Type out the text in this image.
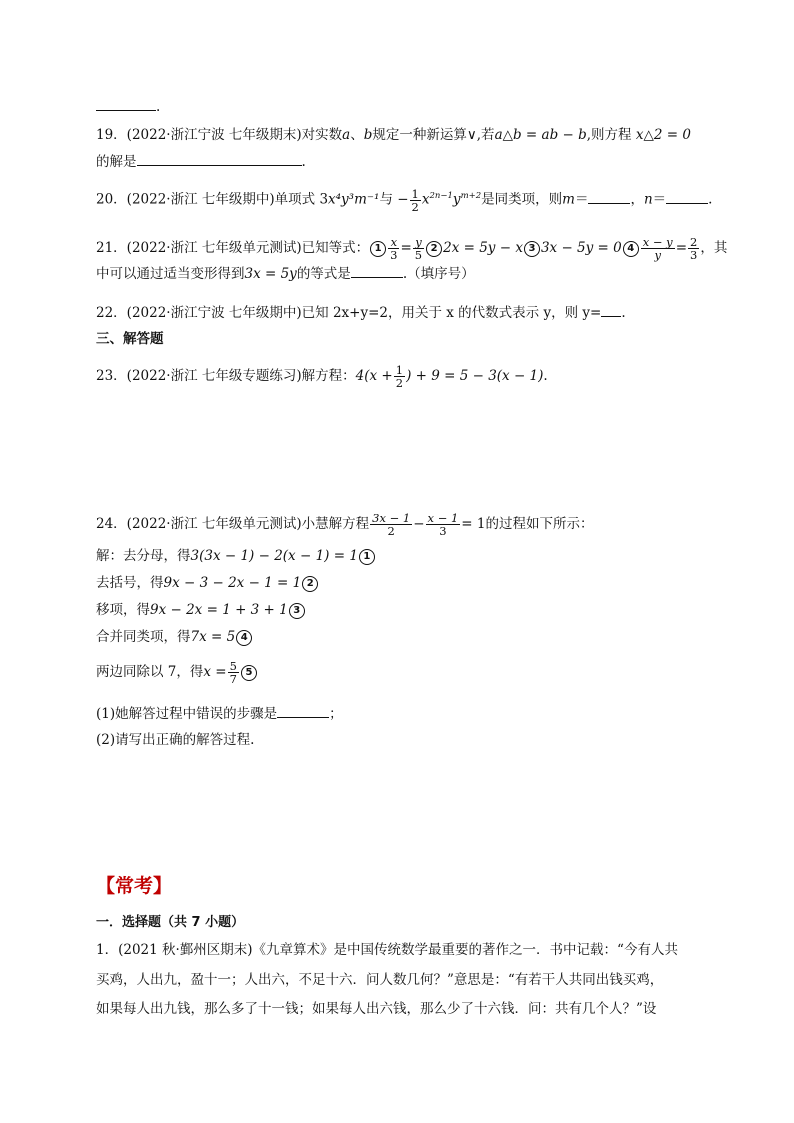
.
19．(2022·浙江宁波 七年级期末)对实数a、b规定一种新运算∨,若a△b = ab − b,则方程 x△2 = 0
的解是	.
20．(2022·浙江 七年级期中)单项式 3x⁴y³m⁻¹与 − $\frac{1}{2} x^{2n-1}y^{m+2}$是同类项，则m＝	，n＝	.
21．(2022·浙江 七年级单元测试)已知等式： $1 \frac{x}{3} = \frac{y}{5} 2$ 2x = 5y − x 3 3x − 5y = 0 $4 \frac{x - y}{y} = \frac{2}{3}$ ，其
中可以通过适当变形得到3x = 5y的等式是	.（填序号）
22．(2022·浙江宁波 七年级期中)已知 2x+y=2，用关于 x 的代数式表示 y，则 y= .
三、解答题
23．(2022·浙江 七年级专题练习)解方程：$4(x + \frac{1}{2}$ ) + 9 = 5 − 3(x − 1).
24．(2022·浙江 七年级单元测试)小慧解方程 $\frac{3x - 1}{2} - \frac{x - 1}{3} = 1$的过程如下所示：
解：去分母，得3(3x − 1) − 2(x − 1) = 1 1
去括号，得9x − 3 − 2x − 1 = 1 2
移项，得9x − 2x = 1 + 3 + 1 3
合并同类项，得7x = 5 4
两边同除以 7，得$x = \frac{5}{7} 5$
(1)她解答过程中错误的步骤是	；
(2)请写出正确的解答过程.
【常考】
一．选择题（共 7 小题）
1．(2021 秋·鄞州区期末)《九章算术》是中国传统数学最重要的著作之一．书中记载：“今有人共
买鸡，人出九，盈十一；人出六，不足十六．问人数几何？”意思是：“有若干人共同出钱买鸡，
如果每人出九钱，那么多了十一钱；如果每人出六钱，那么少了十六钱．问：共有几个人？”设
